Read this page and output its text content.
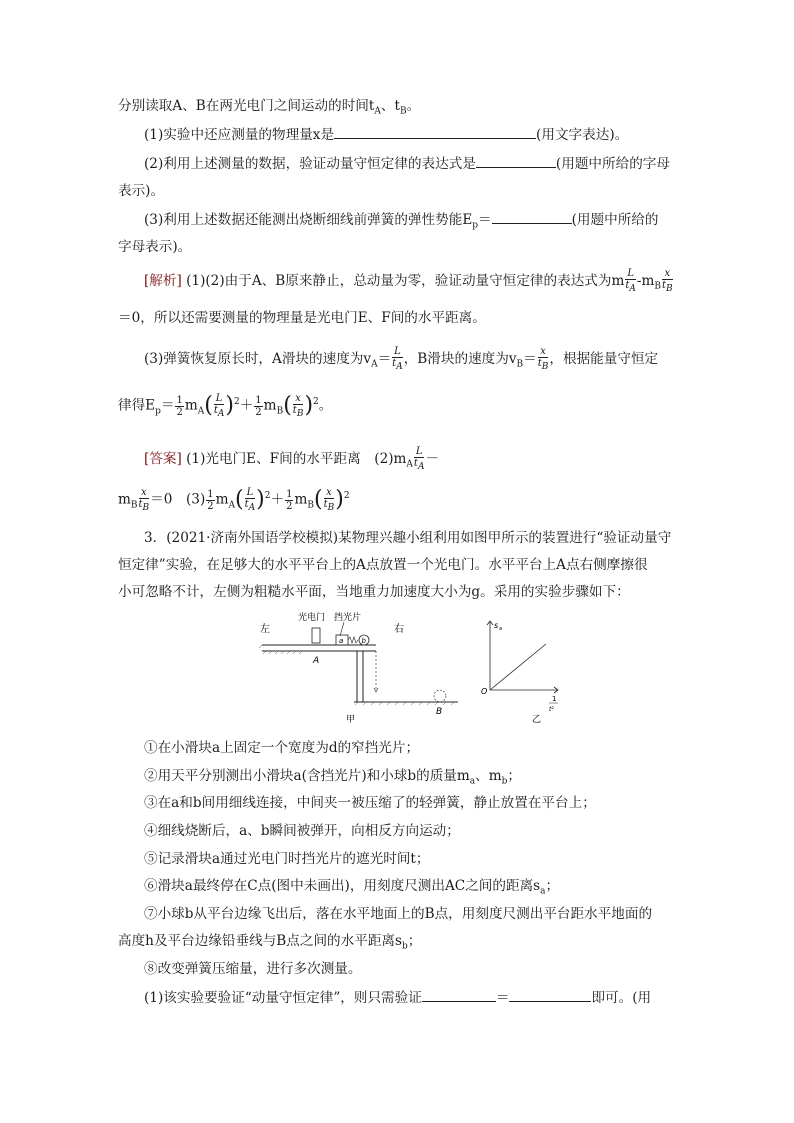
分别读取A、B在两光电门之间运动的时间$t_A$、$t_B$。
(1)实验中还应测量的物理量x是	(用文字表达)。
(2)利用上述测量的数据，验证动量守恒定律的表达式是	(用题中所给的字母
表示)。
(3)利用上述数据还能测出烧断细线前弹簧的弹性势能$E_p=$	(用题中所给的
字母表示)。
[解析] (1)(2)由于A、B原来静止，总动量为零，验证动量守恒定律的表达式为m $\frac{L}{t_A} -m_B \frac{x}{t_B}$
＝0，所以还需要测量的物理量是光电门E、F间的水平距离。
(3)弹簧恢复原长时，A滑块的速度为$v_A= \frac{L}{t_A}$ ，B滑块的速度为$v_B= \frac{x}{t_B}$ ，根据能量守恒定
律得$E_p= \frac{1}{2} m_A( \frac{L}{t_A} )^2+ \frac{1}{2} m_B( \frac{x}{t_B} )^2$。
[答案] (1)光电门E、F间的水平距离　$(2)m_A \frac{L}{t_A}$ －
$m_B \frac{x}{t_B} =0$　$(3) \frac{1}{2} m_A( \frac{L}{t_A} )^2+ \frac{1}{2} m_B( \frac{x}{t_B} )^2$
3．(2021·济南外国语学校模拟)某物理兴趣小组利用如图甲所示的装置进行“验证动量守
恒定律”实验，在足够大的水平平台上的A点放置一个光电门。水平平台上A点右侧摩擦很
小可忽略不计，左侧为粗糙水平面，当地重力加速度大小为g。采用的实验步骤如下：
左	右
光电门 挡光片
a	b
A
B
甲
O
s a
1
t²
乙
①在小滑块a上固定一个宽度为d的窄挡光片；
②用天平分别测出小滑块a(含挡光片)和小球b的质量$m_a$、$m_b$；
③在a和b间用细线连接，中间夹一被压缩了的轻弹簧，静止放置在平台上；
④细线烧断后，a、b瞬间被弹开，向相反方向运动；
⑤记录滑块a通过光电门时挡光片的遮光时间t；
⑥滑块a最终停在C点(图中未画出)，用刻度尺测出AC之间的距离$s_a$；
⑦小球b从平台边缘飞出后，落在水平地面上的B点，用刻度尺测出平台距水平地面的
高度h及平台边缘铅垂线与B点之间的水平距离$s_b$；
⑧改变弹簧压缩量，进行多次测量。
(1)该实验要验证“动量守恒定律”，则只需验证	＝	即可。(用
